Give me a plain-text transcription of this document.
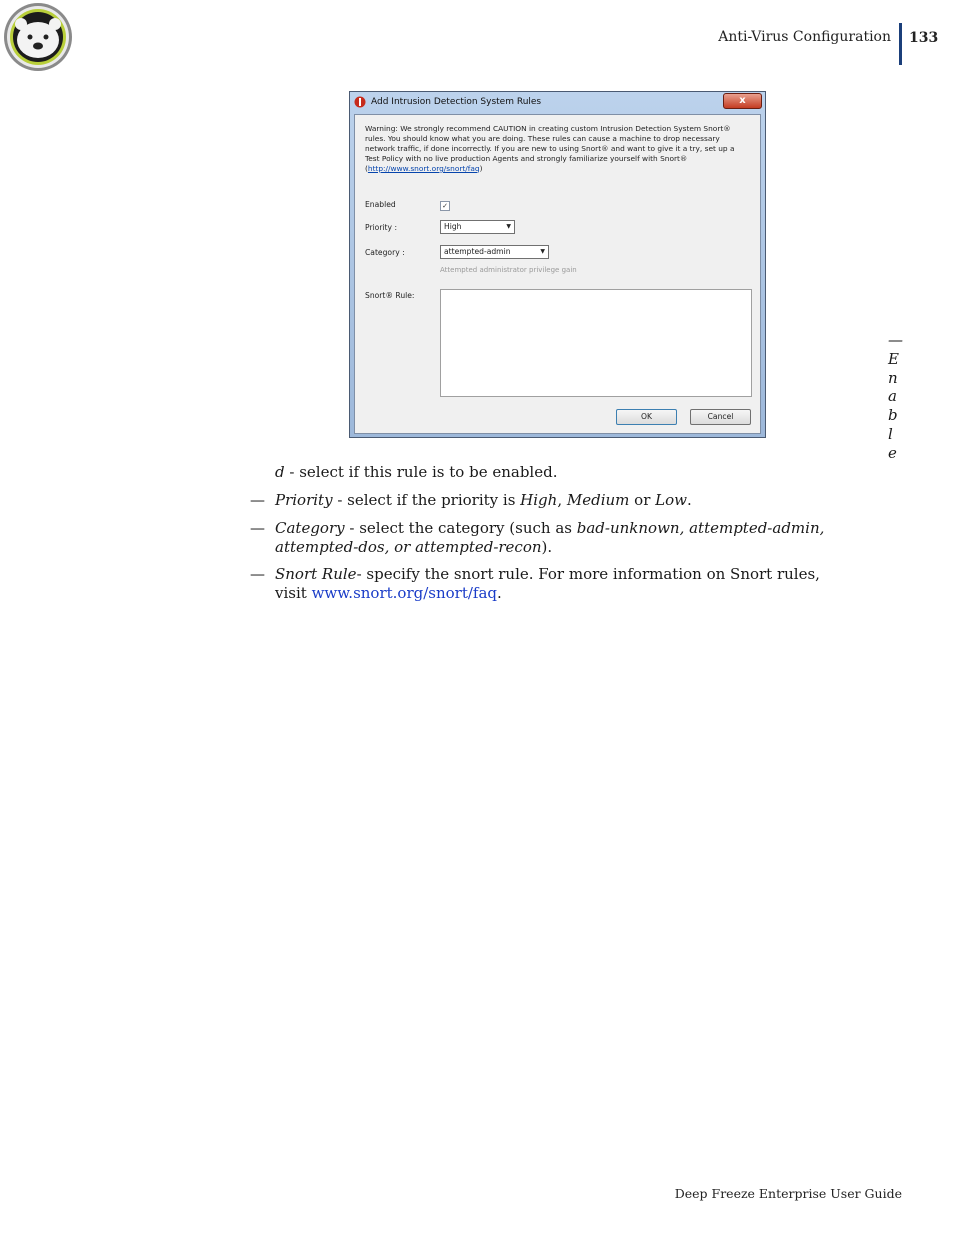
Anti-Virus Configuration 133
Add Intrusion Detection System Rules	x

Warning: We strongly recommend CAUTION in creating custom Intrusion Detection System Snort® rules. You should know what you are doing. These rules can cause a machine to drop necessary network traffic, if done incorrectly. If you are new to using Snort® and want to give it a try, set up a Test Policy with no live production Agents and strongly familiarize yourself with Snort® (http://www.snort.org/snort/faq)

Enabled	✓
Priority :	High	▼
Category :	attempted-admin	▼
Attempted administrator privilege gain
Snort® Rule:
OK	Cancel
—
E
n
a
b
l
e
d - select if this rule is to be enabled.
— Priority - select if the priority is High, Medium or Low.
— Category - select the category (such as bad-unknown, attempted-admin, attempted-dos, or attempted-recon).
— Snort Rule- specify the snort rule. For more information on Snort rules, visit www.snort.org/snort/faq.
Deep Freeze Enterprise User Guide
